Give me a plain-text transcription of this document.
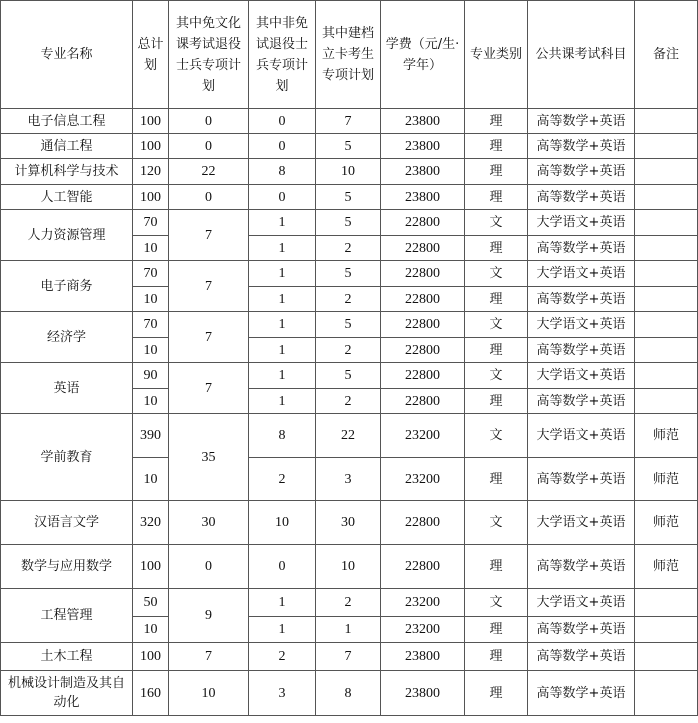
专业名称	总计划	其中免文化课考试退役士兵专项计划	其中非免试退役士兵专项计划	其中建档立卡考生专项计划	学费（元/生·学年）	专业类别	公共课考试科目	备注
电子信息工程	100	0	0	7	23800	理	高等数学+英语	
通信工程	100	0	0	5	23800	理	高等数学+英语	
计算机科学与技术	120	22	8	10	23800	理	高等数学+英语	
人工智能	100	0	0	5	23800	理	高等数学+英语	
人力资源管理	70	7	1	5	22800	文	大学语文+英语	
	10		1	2	22800	理	高等数学+英语	
电子商务	70	7	1	5	22800	文	大学语文+英语	
	10		1	2	22800	理	高等数学+英语	
经济学	70	7	1	5	22800	文	大学语文+英语	
	10		1	2	22800	理	高等数学+英语	
英语	90	7	1	5	22800	文	大学语文+英语	
	10		1	2	22800	理	高等数学+英语	
学前教育	390	35	8	22	23200	文	大学语文+英语	师范
	10		2	3	23200	理	高等数学+英语	师范
汉语言文学	320	30	10	30	22800	文	大学语文+英语	师范
数学与应用数学	100	0	0	10	22800	理	高等数学+英语	师范
工程管理	50	9	1	2	23200	文	大学语文+英语	
	10		1	1	23200	理	高等数学+英语	
土木工程	100	7	2	7	23800	理	高等数学+英语	
机械设计制造及其自动化	160	10	3	8	23800	理	高等数学+英语	
